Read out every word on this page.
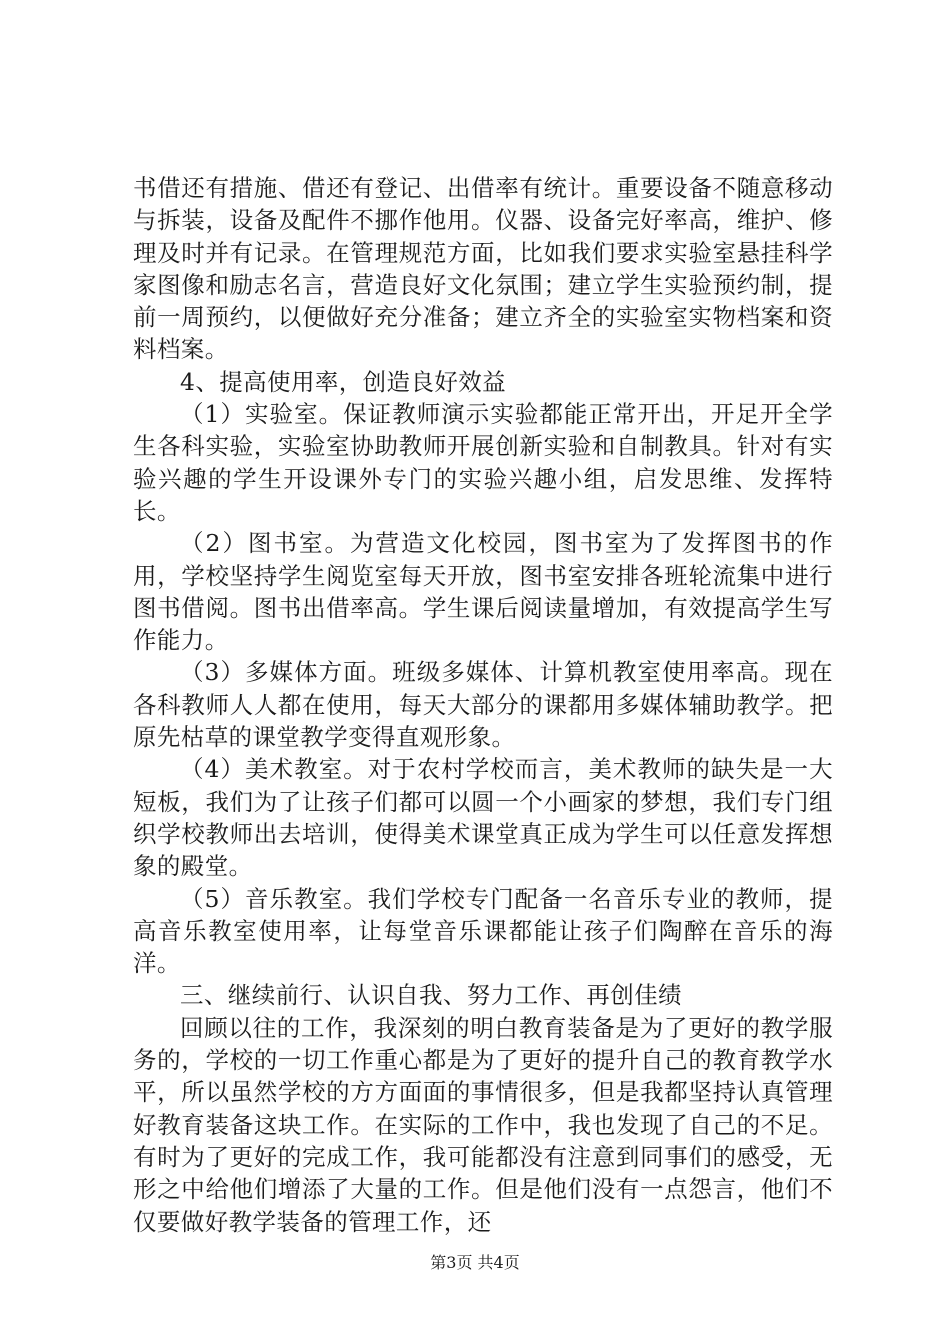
书借还有措施、借还有登记、出借率有统计。重要设备不随意移动与拆装，设备及配件不挪作他用。仪器、设备完好率高，维护、修理及时并有记录。在管理规范方面，比如我们要求实验室悬挂科学家图像和励志名言，营造良好文化氛围；建立学生实验预约制，提前一周预约，以便做好充分准备；建立齐全的实验室实物档案和资料档案。

4、提高使用率，创造良好效益

（1）实验室。保证教师演示实验都能正常开出，开足开全学生各科实验，实验室协助教师开展创新实验和自制教具。针对有实验兴趣的学生开设课外专门的实验兴趣小组，启发思维、发挥特长。

（2）图书室。为营造文化校园，图书室为了发挥图书的作用，学校坚持学生阅览室每天开放，图书室安排各班轮流集中进行图书借阅。图书出借率高。学生课后阅读量增加，有效提高学生写作能力。

（3）多媒体方面。班级多媒体、计算机教室使用率高。现在各科教师人人都在使用，每天大部分的课都用多媒体辅助教学。把原先枯草的课堂教学变得直观形象。

（4）美术教室。对于农村学校而言，美术教师的缺失是一大短板，我们为了让孩子们都可以圆一个小画家的梦想，我们专门组织学校教师出去培训，使得美术课堂真正成为学生可以任意发挥想象的殿堂。

（5）音乐教室。我们学校专门配备一名音乐专业的教师，提高音乐教室使用率，让每堂音乐课都能让孩子们陶醉在音乐的海洋。

三、继续前行、认识自我、努力工作、再创佳绩

回顾以往的工作，我深刻的明白教育装备是为了更好的教学服务的，学校的一切工作重心都是为了更好的提升自己的教育教学水平，所以虽然学校的方方面面的事情很多，但是我都坚持认真管理好教育装备这块工作。在实际的工作中，我也发现了自己的不足。有时为了更好的完成工作，我可能都没有注意到同事们的感受，无形之中给他们增添了大量的工作。但是他们没有一点怨言，他们不仅要做好教学装备的管理工作，还

第3页 共4页
